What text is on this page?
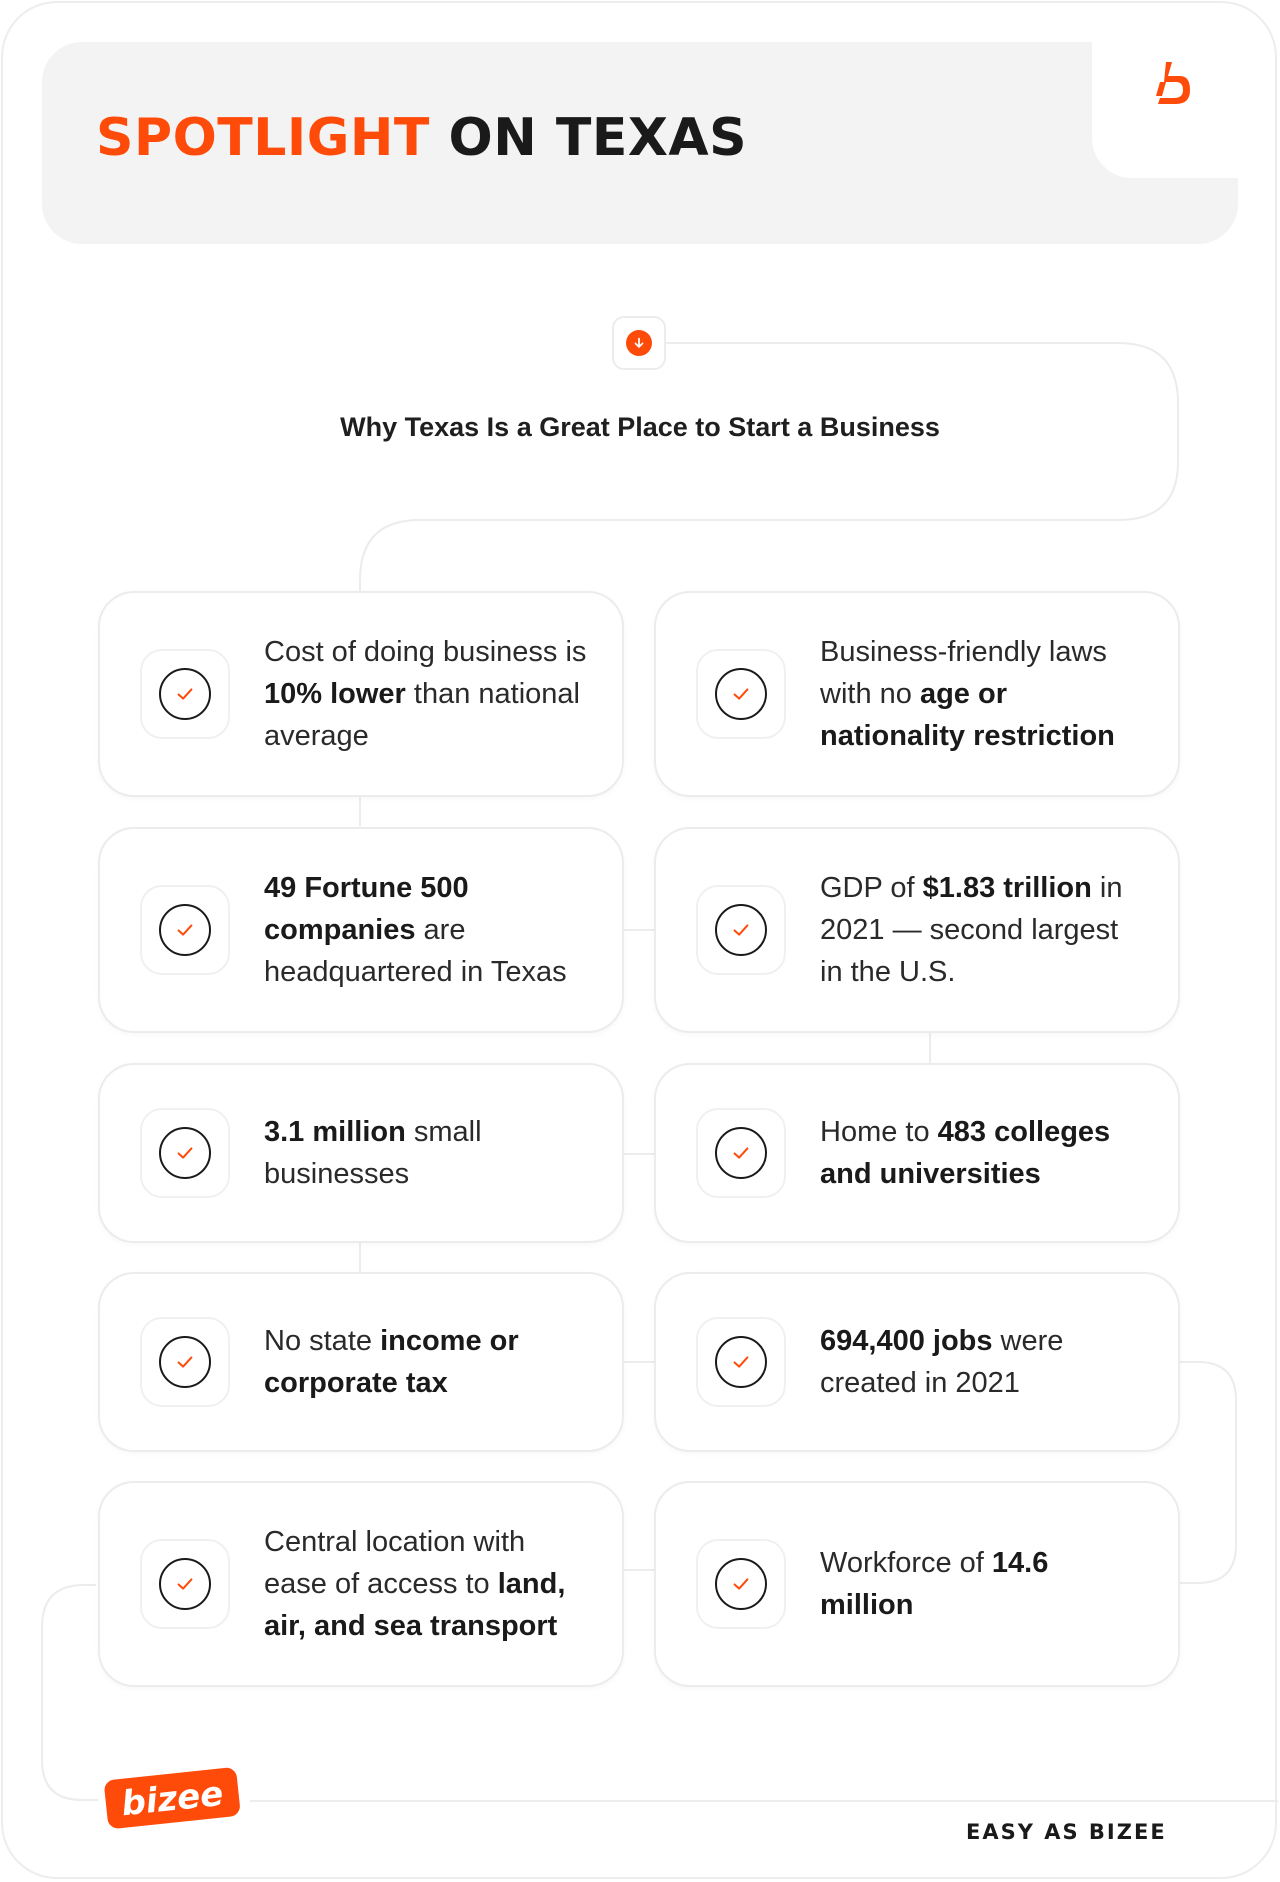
SPOTLIGHT ON TEXAS
Why Texas Is a Great Place to Start a Business
Cost of doing business is 10% lower than national average
Business-friendly laws with no age or nationality restriction
49 Fortune 500 companies are headquartered in Texas
GDP of $1.83 trillion in 2021 — second largest in the U.S.
3.1 million small businesses
Home to 483 colleges and universities
No state income or corporate tax
694,400 jobs were created in 2021
Central location with ease of access to land, air, and sea transport
Workforce of 14.6 million
bizee

EASY AS BIZEE
